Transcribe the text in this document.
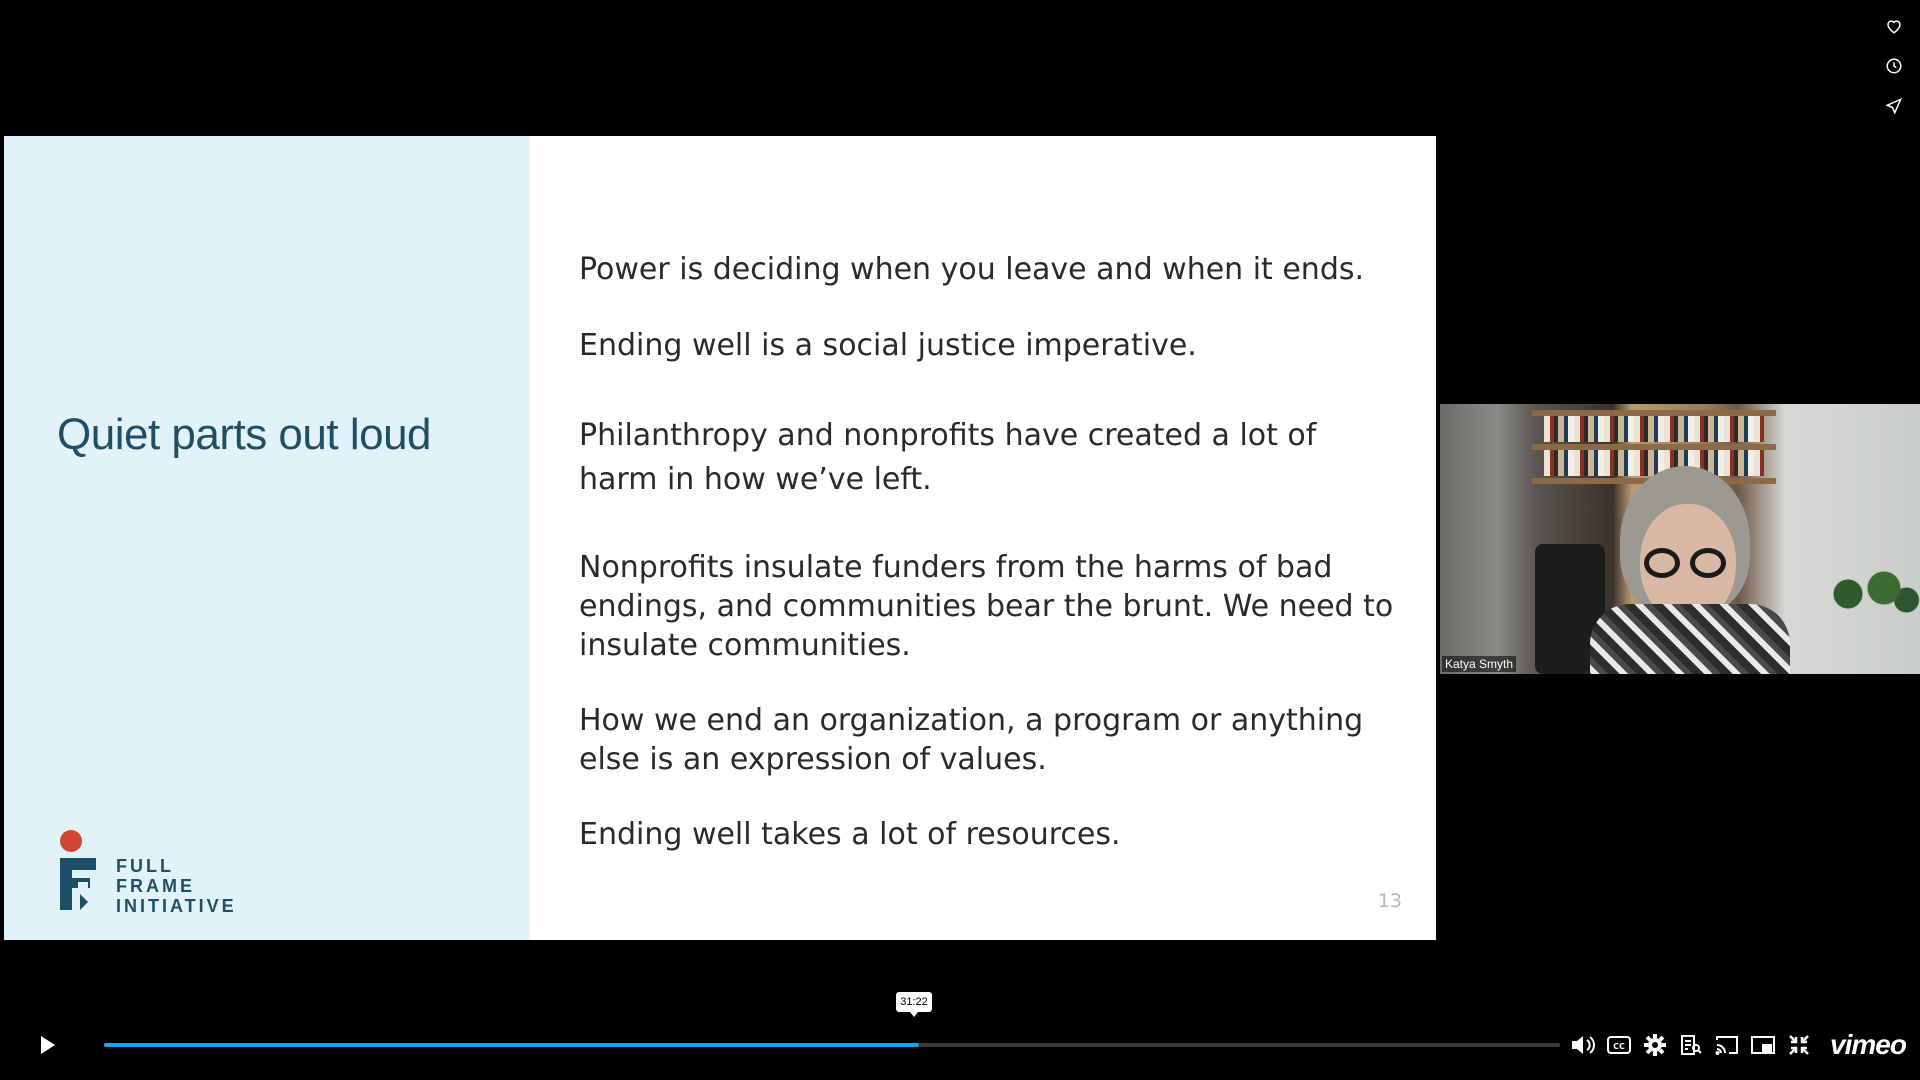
Quiet parts out loud
FULL
FRAME
INITIATIVE
Power is deciding when you leave and when it ends.
Ending well is a social justice imperative.
Philanthropy and nonprofits have created a lot of harm in how we’ve left.
Nonprofits insulate funders from the harms of bad endings, and communities bear the brunt. We need to insulate communities.
How we end an organization, a program or anything else is an expression of values.
Ending well takes a lot of resources.
13
Katya Smyth
31:22
CC	vimeo
